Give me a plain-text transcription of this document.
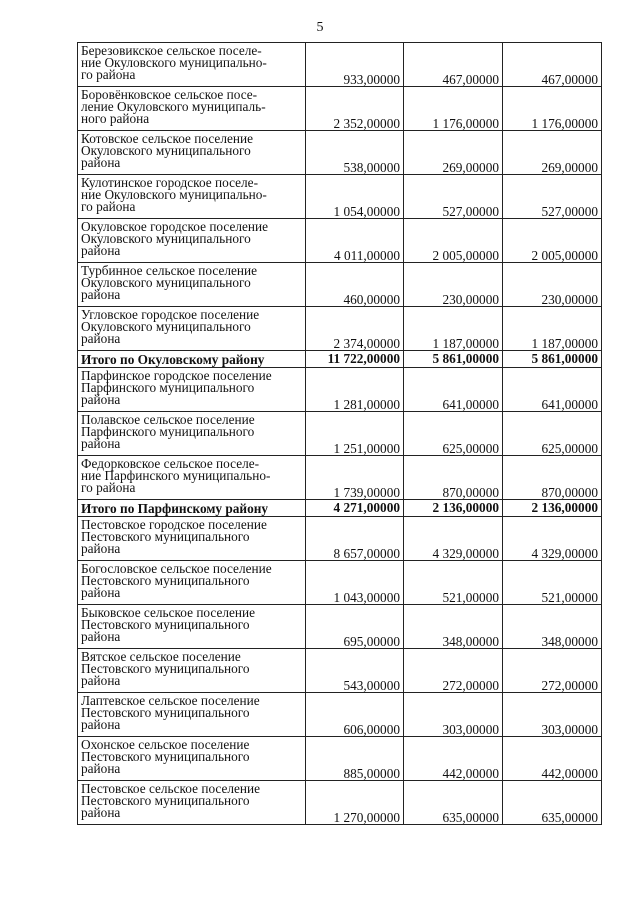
5
Березовикское сельское поселе-
ние Окуловского муниципально-
го района	933,00000	467,00000	467,00000
Боровёнковское сельское посе-
ление Окуловского муниципаль-
ного района	2 352,00000	1 176,00000	1 176,00000
Котовское сельское поселение
Окуловского муниципального
района	538,00000	269,00000	269,00000
Кулотинское городское поселе-
ние Окуловского муниципально-
го района	1 054,00000	527,00000	527,00000
Окуловское городское поселение
Окуловского муниципального
района	4 011,00000	2 005,00000	2 005,00000
Турбинное сельское поселение
Окуловского муниципального
района	460,00000	230,00000	230,00000
Угловское городское поселение
Окуловского муниципального
района	2 374,00000	1 187,00000	1 187,00000
Итого по Окуловскому району	11 722,00000	5 861,00000	5 861,00000
Парфинское городское поселение
Парфинского муниципального
района	1 281,00000	641,00000	641,00000
Полавское сельское поселение
Парфинского муниципального
района	1 251,00000	625,00000	625,00000
Федорковское сельское поселе-
ние Парфинского муниципально-
го района	1 739,00000	870,00000	870,00000
Итого по Парфинскому району	4 271,00000	2 136,00000	2 136,00000
Пестовское городское поселение
Пестовского муниципального
района	8 657,00000	4 329,00000	4 329,00000
Богословское сельское поселение
Пестовского муниципального
района	1 043,00000	521,00000	521,00000
Быковское сельское поселение
Пестовского муниципального
района	695,00000	348,00000	348,00000
Вятское сельское поселение
Пестовского муниципального
района	543,00000	272,00000	272,00000
Лаптевское сельское поселение
Пестовского муниципального
района	606,00000	303,00000	303,00000
Охонское сельское поселение
Пестовского муниципального
района	885,00000	442,00000	442,00000
Пестовское сельское поселение
Пестовского муниципального
района	1 270,00000	635,00000	635,00000
